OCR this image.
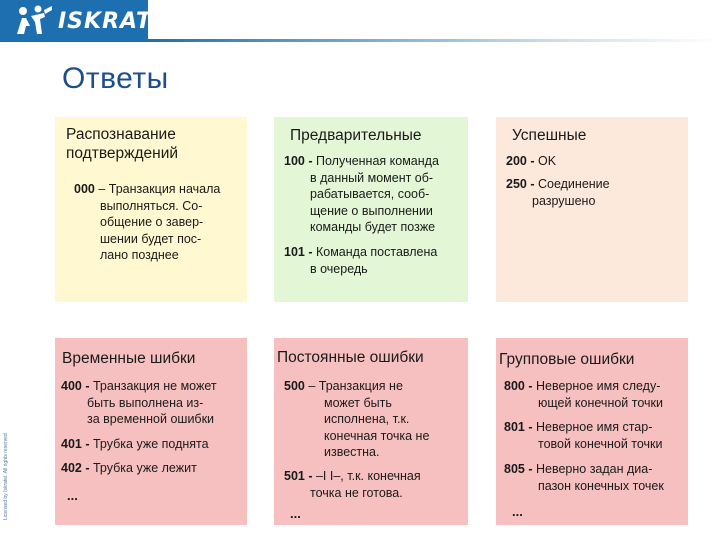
ISKRATEL
Licensed by Iskratel. All rights reserved
Ответы
Распознавание
подтверждений
000 – Транзакция начала
выполняться. Со-
общение о завер-
шении будет пос-
лано позднее
Предварительные
100 - Полученная команда
в данный момент об-
рабатывается, сооб-
щение о выполнении
команды будет позже
101 - Команда поставлена
в очередь
Успешные
200 - OK
250 - Соединение
разрушено
Временные шибки
400 - Транзакция не может
быть выполнена из-
за временной ошибки
401 - Трубка уже поднята
402 - Трубка уже лежит
...
Постоянные ошибки
500 – Транзакция не
может быть
исполнена, т.к.
конечная точка не
известна.
501 - –I I–, т.к. конечная
точка не готова.
...
Групповые ошибки
800 - Неверное имя следу-
ющей конечной точки
801 - Неверное имя стар-
товой конечной точки
805 - Неверно задан диа-
пазон конечных точек
...
